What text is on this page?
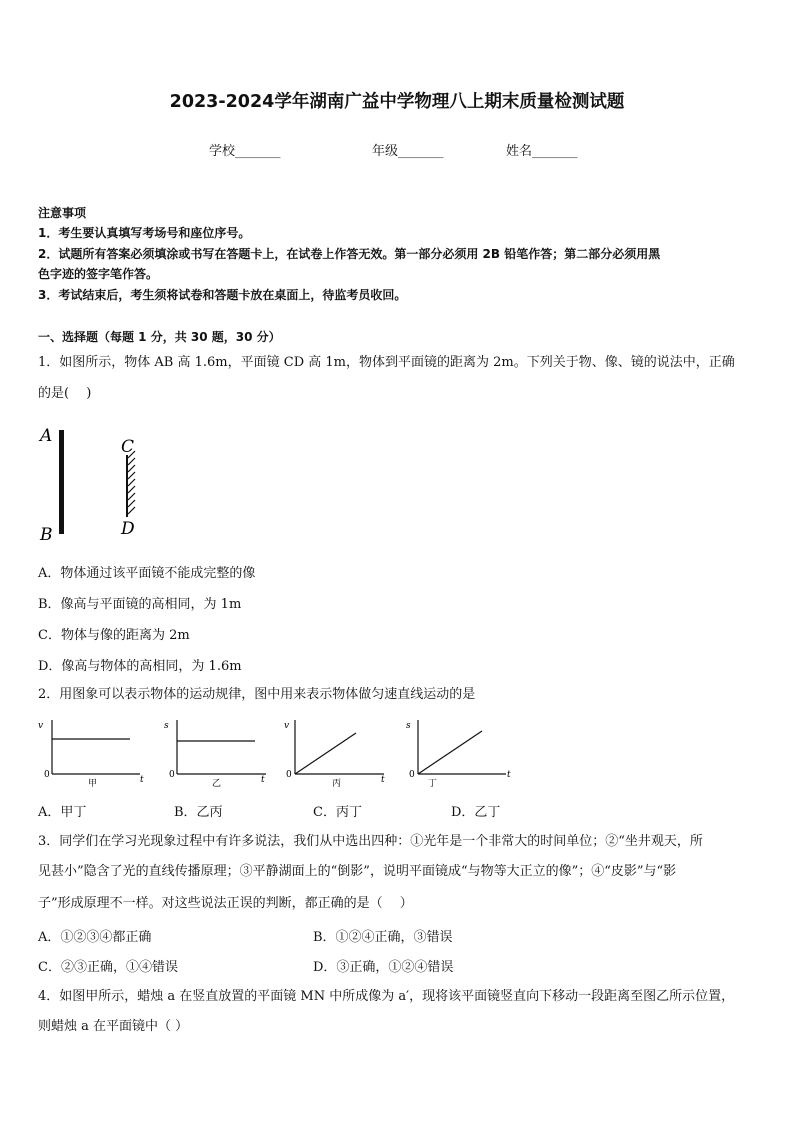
2023-2024学年湖南广益中学物理八上期末质量检测试题
学校_______	年级_______	姓名_______
注意事项
1．考生要认真填写考场号和座位序号。
2．试题所有答案必须填涂或书写在答题卡上，在试卷上作答无效。第一部分必须用 2B 铅笔作答；第二部分必须用黑
色字迹的签字笔作答。
3．考试结束后，考生须将试卷和答题卡放在桌面上，待监考员收回。
一、选择题（每题 1 分，共 30 题，30 分）
1．如图所示，物体 AB 高 1.6m，平面镜 CD 高 1m，物体到平面镜的距离为 2m。下列关于物、像、镜的说法中，正确
的是(　 )
A
B
C
D
A．物体通过该平面镜不能成完整的像
B．像高与平面镜的高相同，为 1m
C．物体与像的距离为 2m
D．像高与物体的高相同，为 1.6m
2．用图象可以表示物体的运动规律，图中用来表示物体做匀速直线运动的是
v
0	t
甲
s
0	t
乙
v
0	t
丙
s
0	t
丁
A．甲丁	B．乙丙	C．丙丁	D．乙丁
3．同学们在学习光现象过程中有许多说法，我们从中选出四种：①光年是一个非常大的时间单位；②“坐井观天，所
见甚小”隐含了光的直线传播原理；③平静湖面上的“倒影”，说明平面镜成“与物等大正立的像”；④“皮影”与“影
子”形成原理不一样。对这些说法正误的判断，都正确的是（　 ）
A．①②③④都正确	B．①②④正确，③错误
C．②③正确，①④错误	D．③正确，①②④错误
4．如图甲所示，蜡烛 a 在竖直放置的平面镜 MN 中所成像为 a′，现将该平面镜竖直向下移动一段距离至图乙所示位置，
则蜡烛 a 在平面镜中（ ）
